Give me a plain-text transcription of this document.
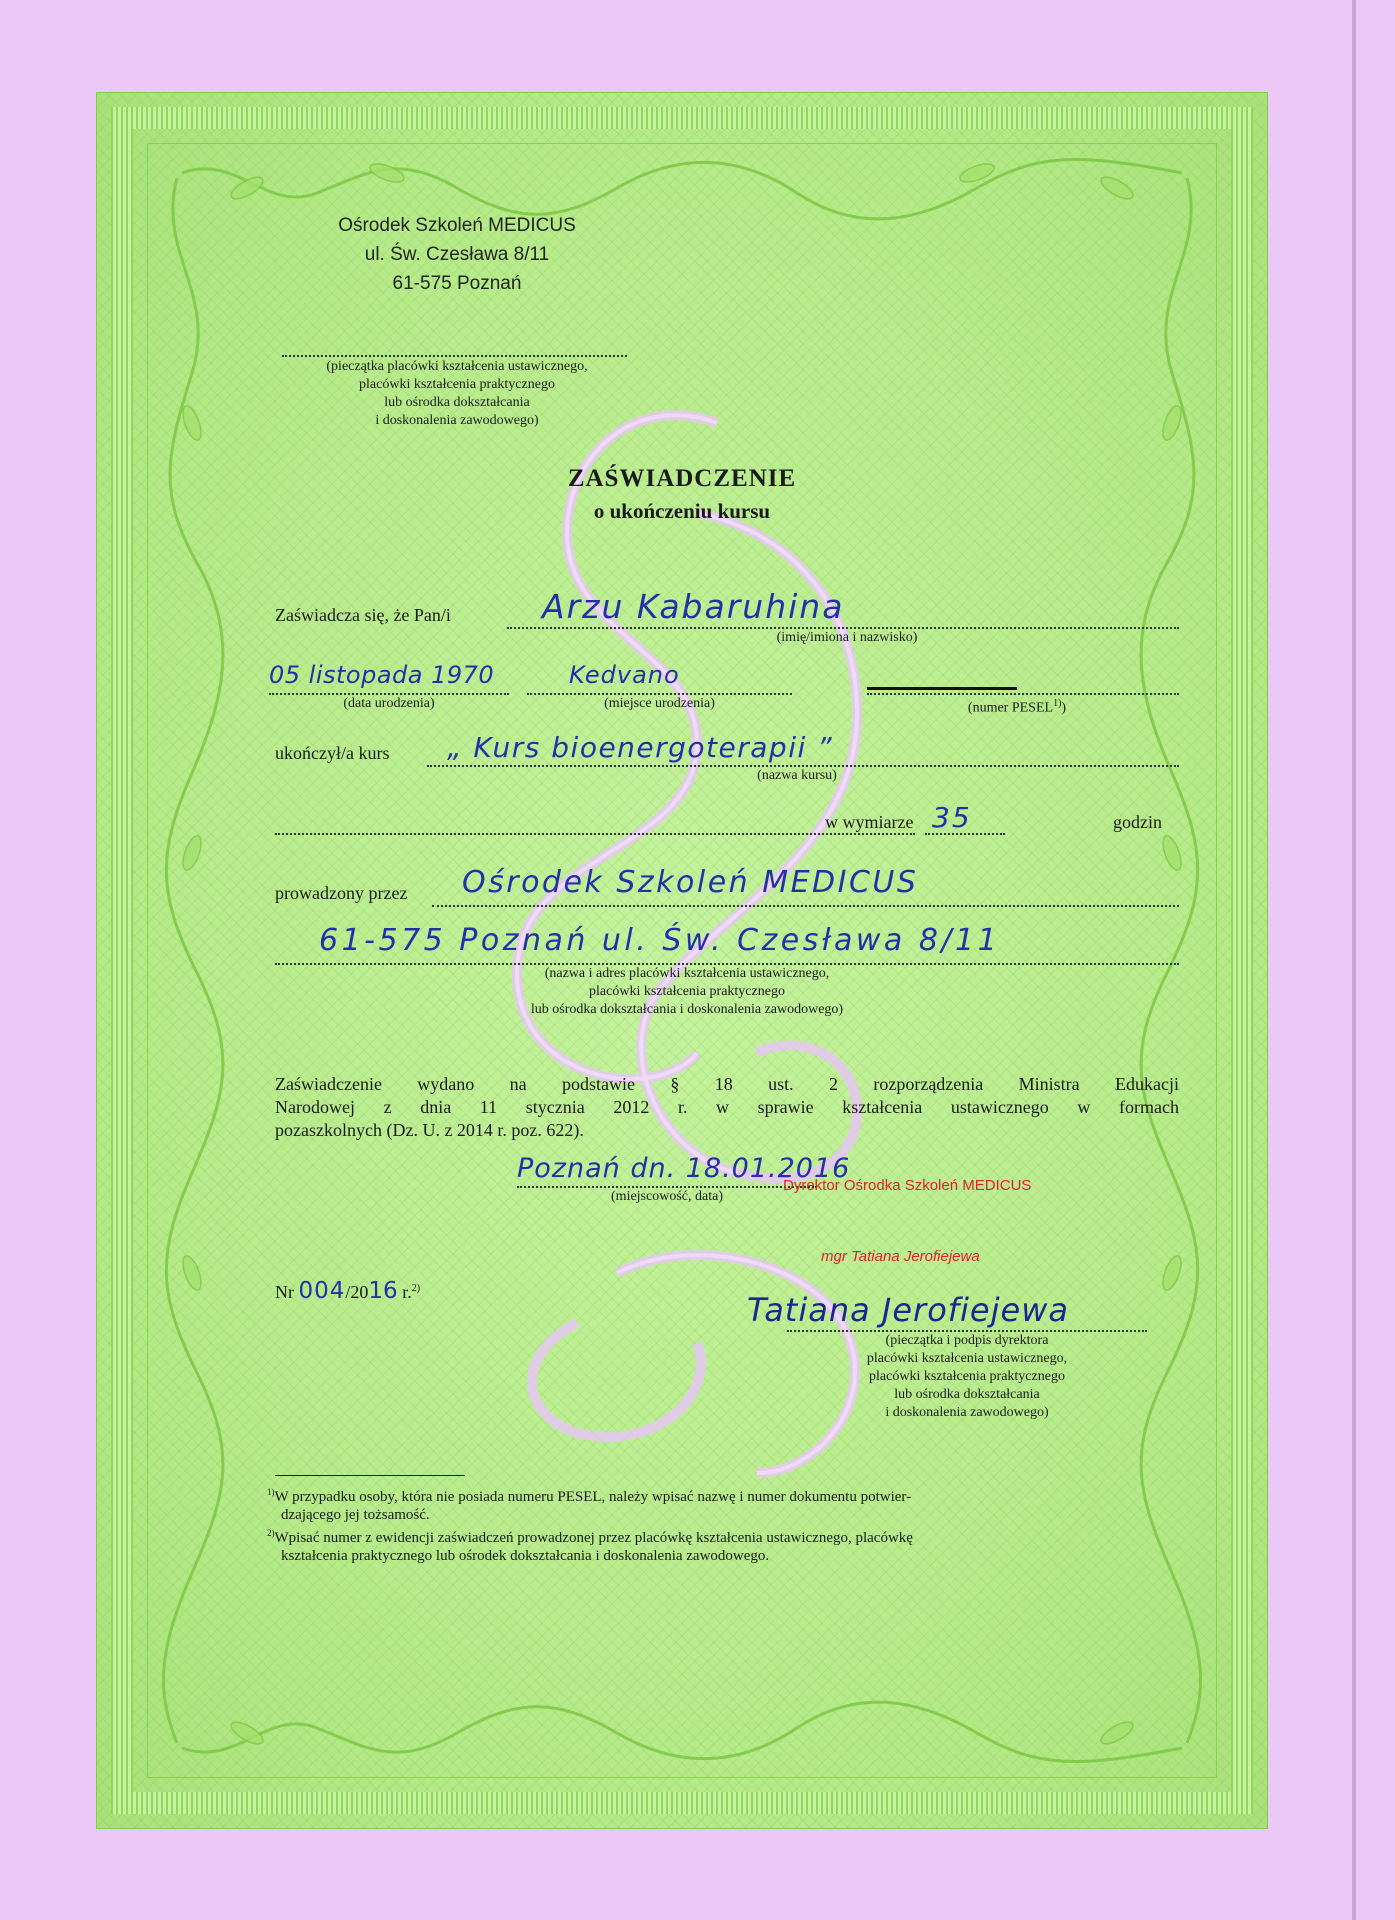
Ośrodek Szkoleń MEDICUS
ul. Św. Czesława 8/11
61-575 Poznań
(pieczątka placówki kształcenia ustawicznego,
placówki kształcenia praktycznego
lub ośrodka dokształcania
i doskonalenia zawodowego)
ZAŚWIADCZENIE
o ukończeniu kursu
Zaświadcza się, że Pan/i	Arzu Kabaruhina
(imię/imiona i nazwisko)
05 listopada 1970
(data urodzenia)
Kedvano
(miejsce urodzenia)	(numer PESEL$^{1)}$)
ukończył/a kurs „ Kurs bioenergoterapii ”
(nazwa kursu)
w wymiarze 35	godzin
prowadzony przez Ośrodek Szkoleń MEDICUS
61-575 Poznań ul. Św. Czesława 8/11
(nazwa i adres placówki kształcenia ustawicznego,
placówki kształcenia praktycznego
lub ośrodka dokształcania i doskonalenia zawodowego)
Zaświadczenie wydano na podstawie § 18 ust. 2 rozporządzenia Ministra Edukacji
Narodowej z dnia 11 stycznia 2012 r. w sprawie kształcenia ustawicznego w formach
pozaszkolnych (Dz. U. z 2014 r. poz. 622).
Poznań dn. 18.01.2016
(miejscowość, data)
Dyrektor Ośrodka Szkoleń MEDICUS
mgr Tatiana Jerofiejewa
Nr 004/2016 r.$^{2)}$
Tatiana Jerofiejewa
(pieczątka i podpis dyrektora
placówki kształcenia ustawicznego,
placówki kształcenia praktycznego
lub ośrodka dokształcania
i doskonalenia zawodowego)
$^{1)}$W przypadku osoby, która nie posiada numeru PESEL, należy wpisać nazwę i numer dokumentu potwier-
dzającego jej tożsamość.
$^{2)}$Wpisać numer z ewidencji zaświadczeń prowadzonej przez placówkę kształcenia ustawicznego, placówkę
kształcenia praktycznego lub ośrodek dokształcania i doskonalenia zawodowego.
